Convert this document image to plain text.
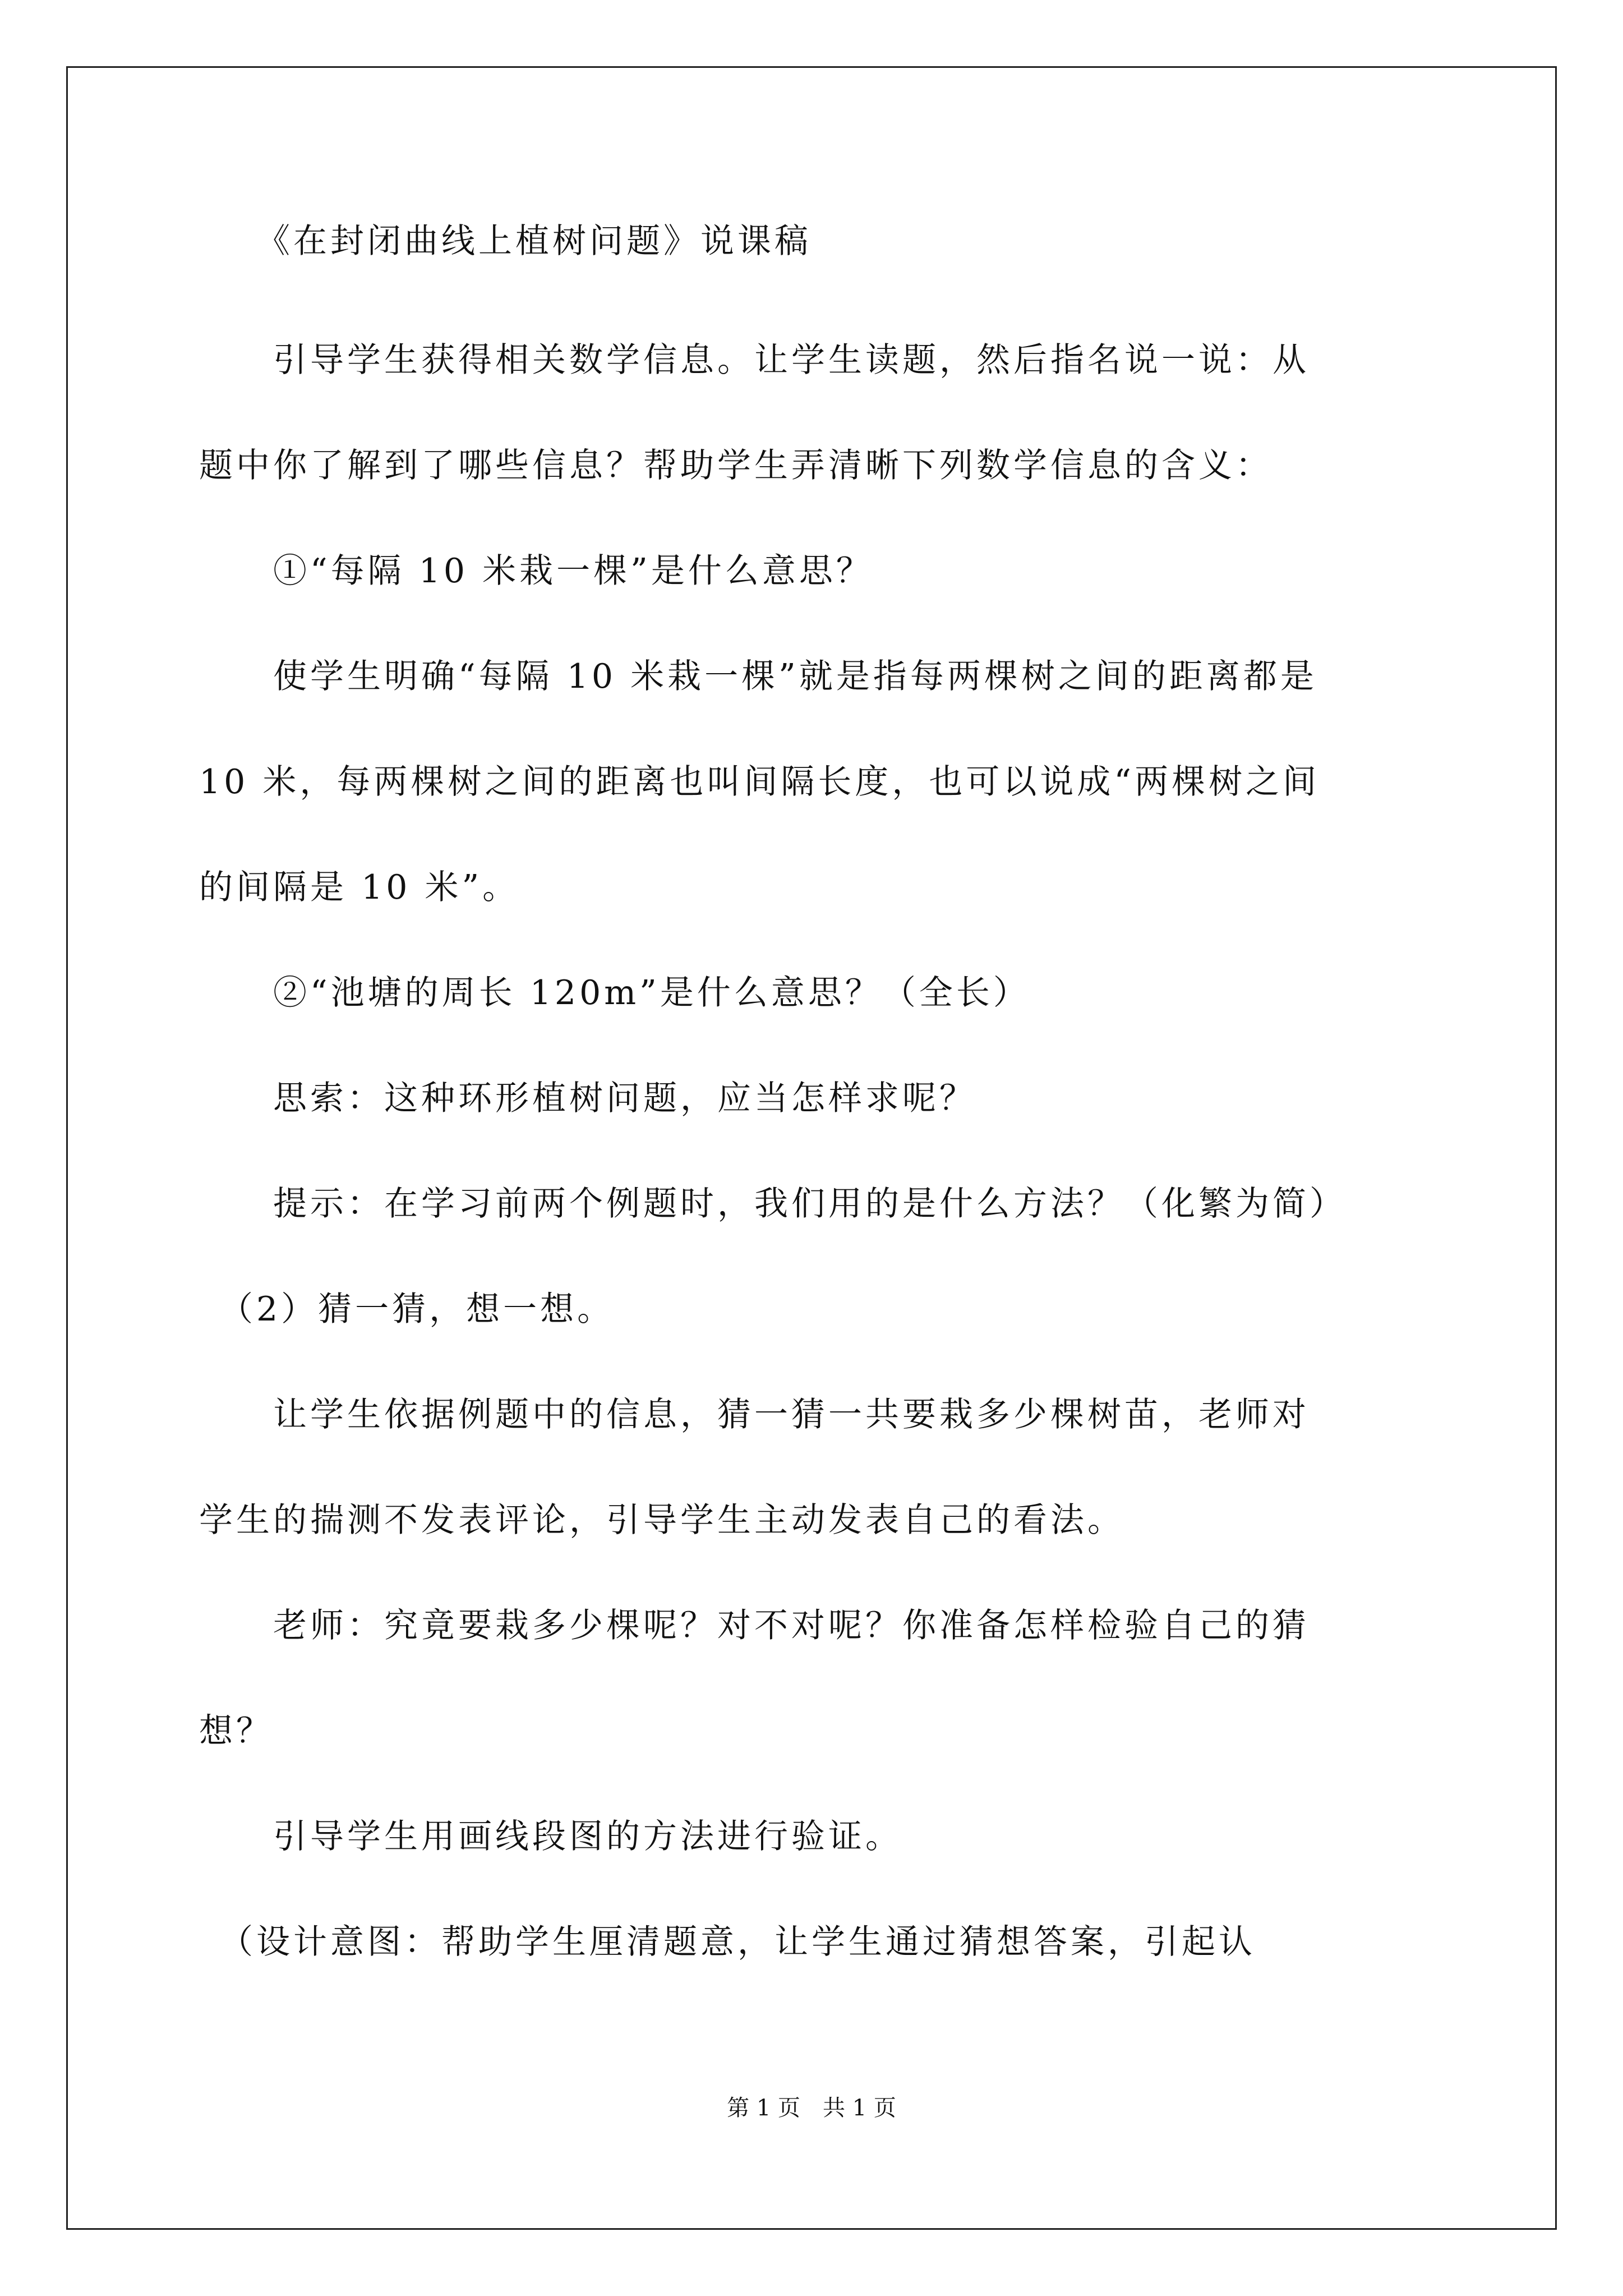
　　《在封闭曲线上植树问题》说课稿
　　引导学生获得相关数学信息。让学生读题，然后指名说一说：从
题中你了解到了哪些信息？帮助学生弄清晰下列数学信息的含义：
　　①“每隔 10 米栽一棵”是什么意思？
　　使学生明确“每隔 10 米栽一棵”就是指每两棵树之间的距离都是
10 米，每两棵树之间的距离也叫间隔长度，也可以说成“两棵树之间
的间隔是 10 米”。
　　②“池塘的周长 120m”是什么意思？（全长）
　　思索：这种环形植树问题，应当怎样求呢？
　　提示：在学习前两个例题时，我们用的是什么方法？（化繁为简）
　（2）猜一猜，想一想。
　　让学生依据例题中的信息，猜一猜一共要栽多少棵树苗，老师对
学生的揣测不发表评论，引导学生主动发表自己的看法。
　　老师：究竟要栽多少棵呢？对不对呢？你准备怎样检验自己的猜
想？
　　引导学生用画线段图的方法进行验证。
　（设计意图：帮助学生厘清题意，让学生通过猜想答案，引起认
第 1 页　共 1 页
